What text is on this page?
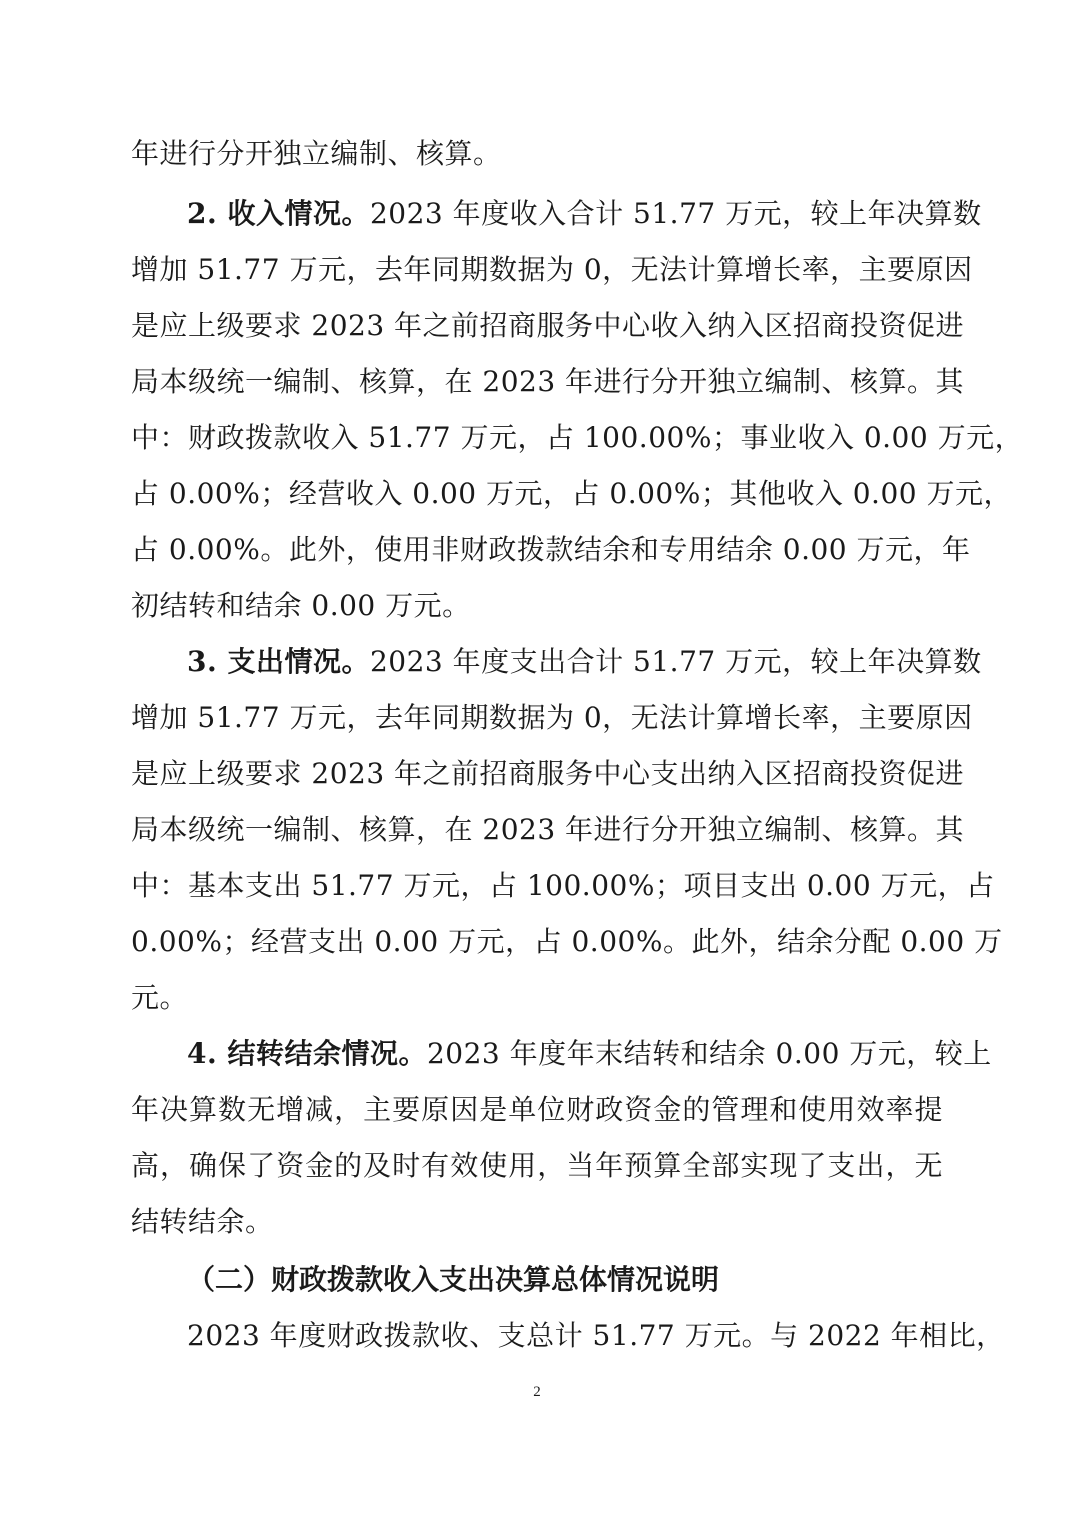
年进行分开独立编制、核算。
2. 收入情况。2023 年度收入合计 51.77 万元，较上年决算数
增加 51.77 万元，去年同期数据为 0，无法计算增长率，主要原因
是应上级要求 2023 年之前招商服务中心收入纳入区招商投资促进
局本级统一编制、核算，在 2023 年进行分开独立编制、核算。其
中：财政拨款收入 51.77 万元，占 100.00%；事业收入 0.00 万元，
占 0.00%；经营收入 0.00 万元，占 0.00%；其他收入 0.00 万元，
占 0.00%。此外，使用非财政拨款结余和专用结余 0.00 万元，年
初结转和结余 0.00 万元。
3. 支出情况。2023 年度支出合计 51.77 万元，较上年决算数
增加 51.77 万元，去年同期数据为 0，无法计算增长率，主要原因
是应上级要求 2023 年之前招商服务中心支出纳入区招商投资促进
局本级统一编制、核算，在 2023 年进行分开独立编制、核算。其
中：基本支出 51.77 万元，占 100.00%；项目支出 0.00 万元，占
0.00%；经营支出 0.00 万元，占 0.00%。此外，结余分配 0.00 万
元。
4. 结转结余情况。2023 年度年末结转和结余 0.00 万元，较上
年决算数无增减，主要原因是单位财政资金的管理和使用效率提
高，确保了资金的及时有效使用，当年预算全部实现了支出，无
结转结余。
（二）财政拨款收入支出决算总体情况说明
2023 年度财政拨款收、支总计 51.77 万元。与 2022 年相比，
2
